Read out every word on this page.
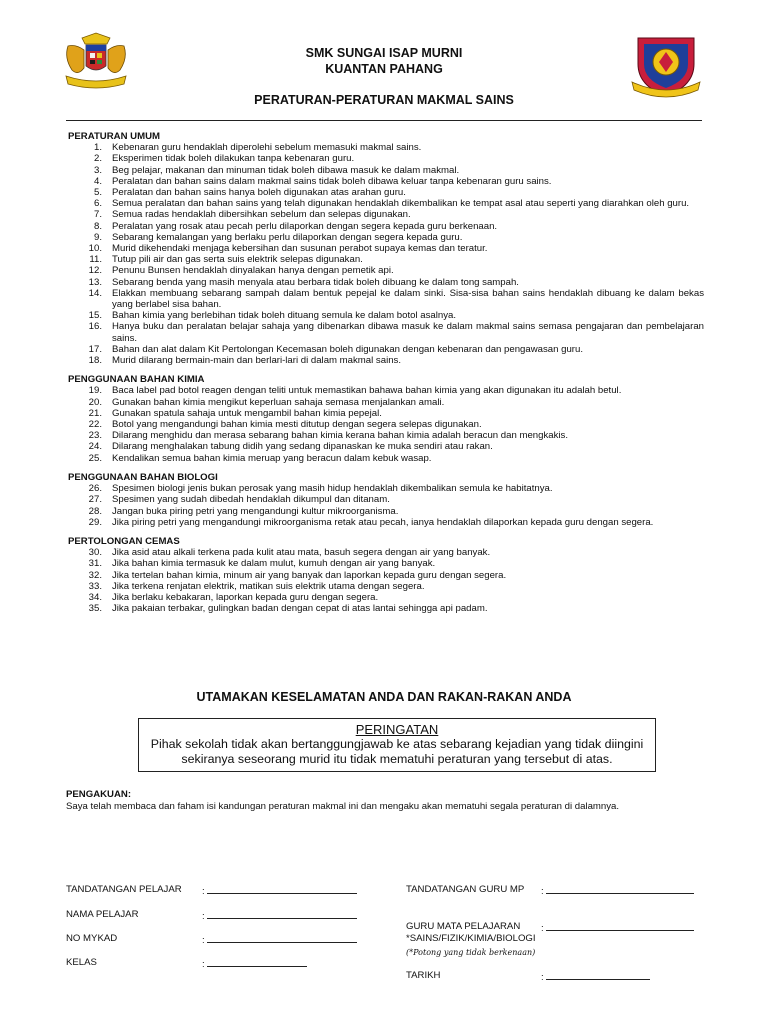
SMK SUNGAI ISAP MURNI
KUANTAN PAHANG
PERATURAN-PERATURAN MAKMAL SAINS
PERATURAN UMUM
1.	Kebenaran guru hendaklah diperolehi sebelum memasuki makmal sains.
2.	Eksperimen tidak boleh dilakukan tanpa kebenaran guru.
3.	Beg pelajar, makanan dan minuman tidak boleh dibawa masuk ke dalam makmal.
4.	Peralatan dan bahan sains dalam makmal sains tidak boleh dibawa keluar tanpa kebenaran guru sains.
5.	Peralatan dan bahan sains hanya boleh digunakan atas arahan guru.
6.	Semua peralatan dan bahan sains yang telah digunakan hendaklah dikembalikan ke tempat asal atau seperti yang diarahkan oleh guru.
7.	Semua radas hendaklah dibersihkan sebelum dan selepas digunakan.
8.	Peralatan yang rosak atau pecah perlu dilaporkan dengan segera kepada guru berkenaan.
9.	Sebarang kemalangan yang berlaku perlu dilaporkan dengan segera kepada guru.
10.	Murid dikehendaki menjaga kebersihan dan susunan perabot supaya kemas dan teratur.
11.	Tutup pili air dan gas serta suis elektrik selepas digunakan.
12.	Penunu Bunsen hendaklah dinyalakan hanya dengan pemetik api.
13.	Sebarang benda yang masih menyala atau berbara tidak boleh dibuang ke dalam tong sampah.
14.	Elakkan membuang sebarang sampah dalam bentuk pepejal ke dalam sinki. Sisa-sisa bahan sains hendaklah dibuang ke dalam bekas yang berlabel sisa bahan.
15.	Bahan kimia yang berlebihan tidak boleh dituang semula ke dalam botol asalnya.
16.	Hanya buku dan peralatan belajar sahaja yang dibenarkan dibawa masuk ke dalam makmal sains semasa pengajaran dan pembelajaran sains.
17.	Bahan dan alat dalam Kit Pertolongan Kecemasan boleh digunakan dengan kebenaran dan pengawasan guru.
18.	Murid dilarang bermain-main dan berlari-lari di dalam makmal sains.
PENGGUNAAN BAHAN KIMIA
19.	Baca label pad botol reagen dengan teliti untuk memastikan bahawa bahan kimia yang akan digunakan itu adalah betul.
20.	Gunakan bahan kimia mengikut keperluan sahaja semasa menjalankan amali.
21.	Gunakan spatula sahaja untuk mengambil bahan kimia pepejal.
22.	Botol yang mengandungi bahan kimia mesti ditutup dengan segera selepas digunakan.
23.	Dilarang menghidu dan merasa sebarang bahan kimia kerana bahan kimia adalah beracun dan mengkakis.
24.	Dilarang menghalakan tabung didih yang sedang dipanaskan ke muka sendiri atau rakan.
25.	Kendalikan semua bahan kimia meruap yang beracun dalam kebuk wasap.
PENGGUNAAN BAHAN BIOLOGI
26.	Spesimen biologi jenis bukan perosak yang masih hidup hendaklah dikembalikan semula ke habitatnya.
27.	Spesimen yang sudah dibedah hendaklah dikumpul dan ditanam.
28.	Jangan buka piring petri yang mengandungi kultur mikroorganisma.
29.	Jika piring petri yang mengandungi mikroorganisma retak atau pecah, ianya hendaklah dilaporkan kepada guru dengan segera.
PERTOLONGAN CEMAS
30.	Jika asid atau alkali terkena pada kulit atau mata, basuh segera dengan air yang banyak.
31.	Jika bahan kimia termasuk ke dalam mulut, kumuh dengan air yang banyak.
32.	Jika tertelan bahan kimia, minum air yang banyak dan laporkan kepada guru dengan segera.
33.	Jika terkena renjatan elektrik, matikan suis elektrik utama dengan segera.
34.	Jika berlaku kebakaran, laporkan kepada guru dengan segera.
35.	Jika pakaian terbakar, gulingkan badan dengan cepat di atas lantai sehingga api padam.
UTAMAKAN KESELAMATAN ANDA DAN RAKAN-RAKAN ANDA
PERINGATAN
Pihak sekolah tidak akan bertanggungjawab ke atas sebarang kejadian yang tidak diingini
sekiranya seseorang murid itu tidak mematuhi peraturan yang tersebut di atas.
PENGAKUAN:
Saya telah membaca dan faham isi kandungan peraturan makmal ini dan mengaku akan mematuhi segala peraturan di dalamnya.
TANDATANGAN PELAJAR :
NAMA PELAJAR	:
NO MYKAD	:
KELAS	:
TANDATANGAN GURU MP :
GURU MATA PELAJARAN :
*SAINS/FIZIK/KIMIA/BIOLOGI
(*Potong yang tidak berkenaan)
TARIKH	:
